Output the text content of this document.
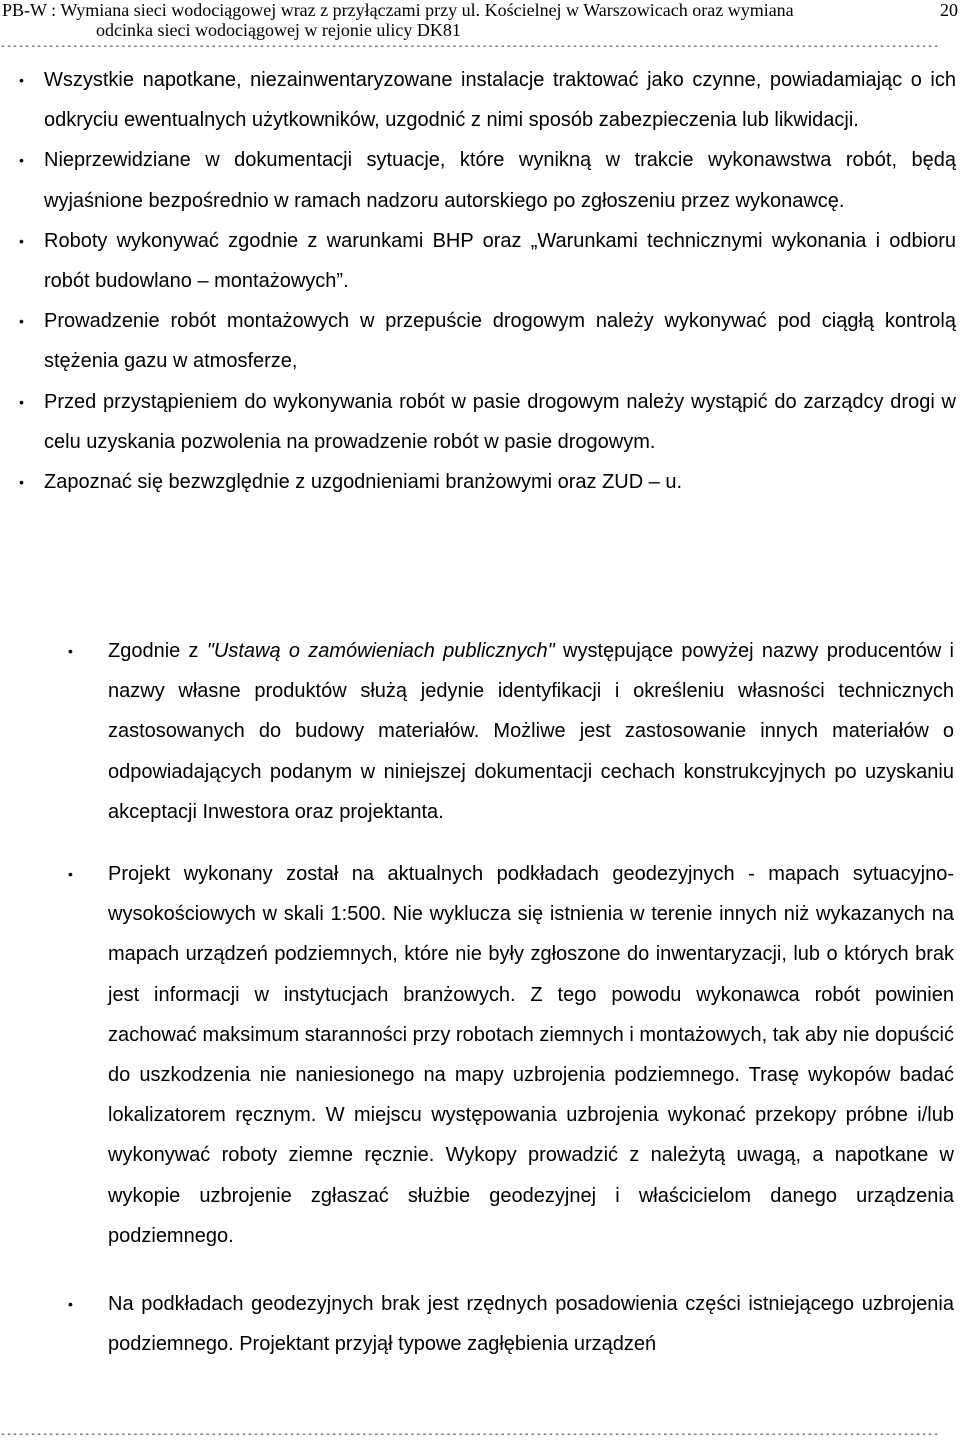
PB-W : Wymiana sieci wodociągowej wraz z przyłączami przy ul. Kościelnej w Warszowicach oraz wymiana
odcinka sieci wodociągowej w rejonie ulicy DK81
20
------------------------------------------------------------------------------------------------------------------------------------------------------------
• Wszystkie napotkane, niezainwentaryzowane instalacje traktować jako czynne, powiadamiając o ich odkryciu ewentualnych użytkowników, uzgodnić z nimi sposób zabezpieczenia lub likwidacji.
• Nieprzewidziane w dokumentacji sytuacje, które wynikną w trakcie wykonawstwa robót, będą wyjaśnione bezpośrednio w ramach nadzoru autorskiego po zgłoszeniu przez wykonawcę.
• Roboty wykonywać zgodnie z warunkami BHP oraz „Warunkami technicznymi wykonania i odbioru robót budowlano – montażowych”.
• Prowadzenie robót montażowych w przepuście drogowym należy wykonywać pod ciągłą kontrolą stężenia gazu w atmosferze,
• Przed przystąpieniem do wykonywania robót w pasie drogowym należy wystąpić do zarządcy drogi w celu uzyskania pozwolenia na prowadzenie robót w pasie drogowym.
• Zapoznać się bezwzględnie z uzgodnieniami branżowymi oraz ZUD – u.
• Zgodnie z "Ustawą o zamówieniach publicznych" występujące powyżej nazwy producentów i nazwy własne produktów służą jedynie identyfikacji i określeniu własności technicznych zastosowanych do budowy materiałów. Możliwe jest zastosowanie innych materiałów o odpowiadających podanym w niniejszej dokumentacji cechach konstrukcyjnych po uzyskaniu akceptacji Inwestora oraz projektanta.
• Projekt wykonany został na aktualnych podkładach geodezyjnych - mapach sytuacyjno-wysokościowych w skali 1:500. Nie wyklucza się istnienia w terenie innych niż wykazanych na mapach urządzeń podziemnych, które nie były zgłoszone do inwentaryzacji, lub o których brak jest informacji w instytucjach branżowych. Z tego powodu wykonawca robót powinien zachować maksimum staranności przy robotach ziemnych i montażowych, tak aby nie dopuścić do uszkodzenia nie naniesionego na mapy uzbrojenia podziemnego. Trasę wykopów badać lokalizatorem ręcznym. W miejscu występowania uzbrojenia wykonać przekopy próbne i/lub wykonywać roboty ziemne ręcznie. Wykopy prowadzić z należytą uwagą, a napotkane w wykopie uzbrojenie zgłaszać służbie geodezyjnej i właścicielom danego urządzenia podziemnego.
• Na podkładach geodezyjnych brak jest rzędnych posadowienia części istniejącego uzbrojenia podziemnego. Projektant przyjął typowe zagłębienia urządzeń
------------------------------------------------------------------------------------------------------------------------------------------------------------
